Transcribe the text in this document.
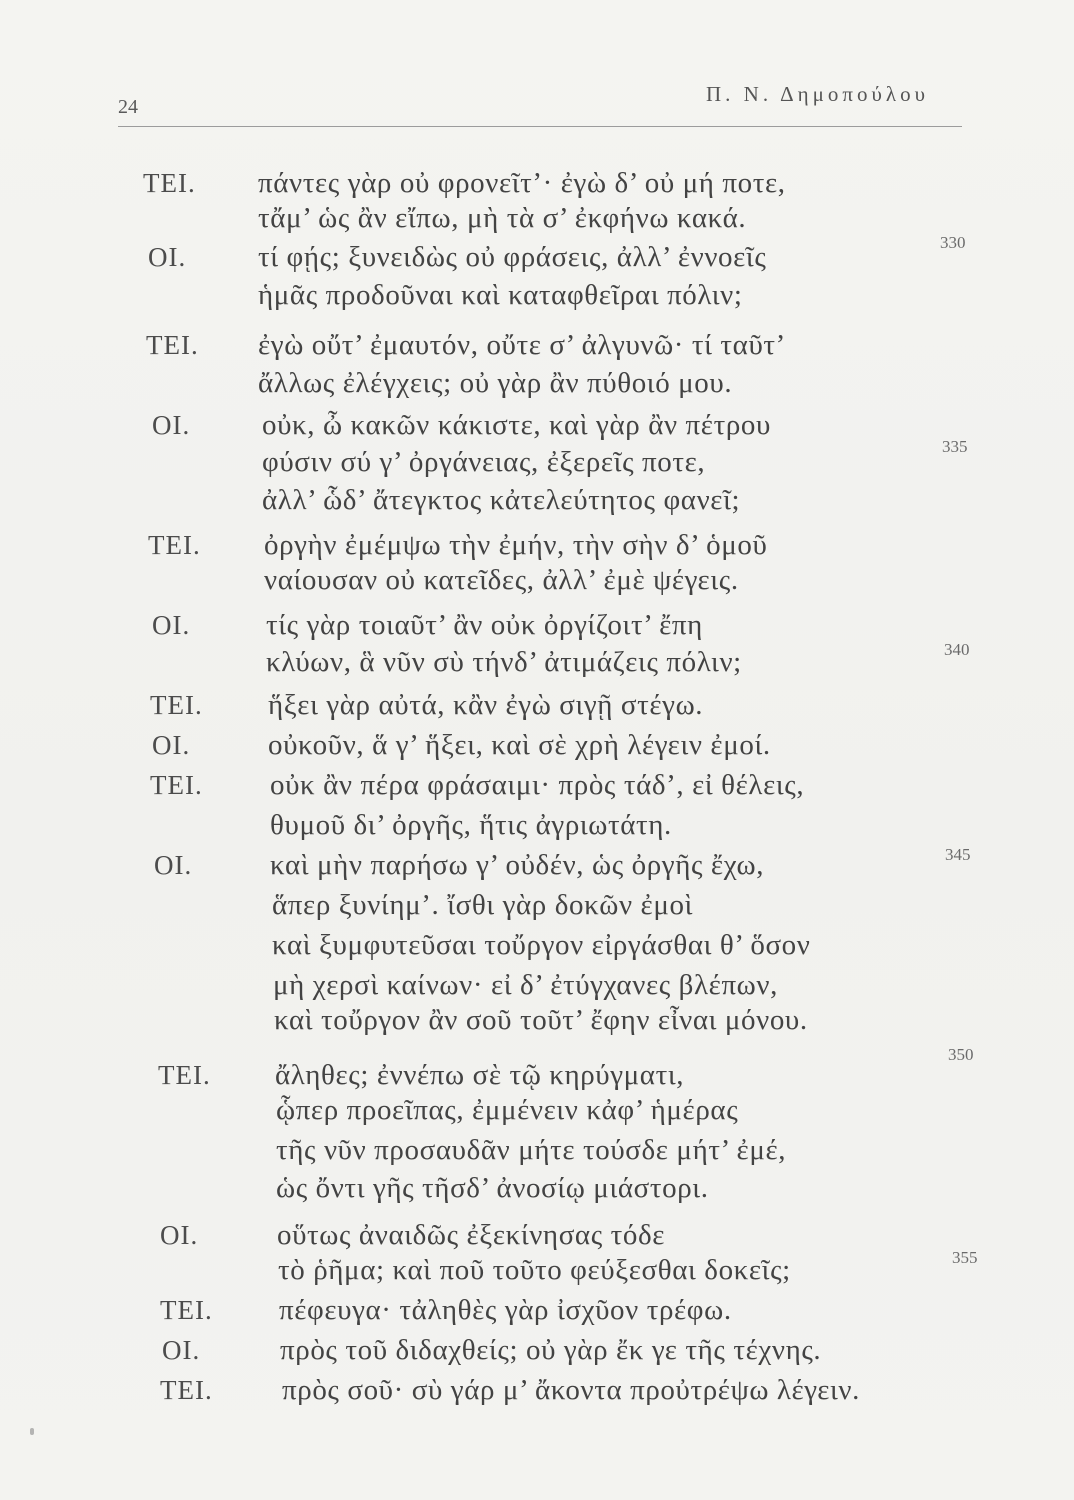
24
Π. Ν. Δημοπούλου
ΤΕΙ. πάντες γὰρ οὐ φρονεῖτ’· ἐγὼ δ’ οὐ μή ποτε,
τἄμ’ ὡς ἂν εἴπω, μὴ τὰ σ’ ἐκφήνω κακά.
ΟΙ. τί φῄς; ξυνειδὼς οὐ φράσεις, ἀλλ’ ἐννοεῖς	330
ἡμᾶς προδοῦναι καὶ καταφθεῖραι πόλιν;
ΤΕΙ. ἐγὼ οὔτ’ ἐμαυτόν, οὔτε σ’ ἀλγυνῶ· τί ταῦτ’
ἄλλως ἐλέγχεις; οὐ γὰρ ἂν πύθοιό μου.
ΟΙ. οὐκ, ὦ κακῶν κάκιστε, καὶ γὰρ ἂν πέτρου
φύσιν σύ γ’ ὀργάνειας, ἐξερεῖς ποτε,	335
ἀλλ’ ὧδ’ ἄτεγκτος κἀτελεύτητος φανεῖ;
ΤΕΙ. ὀργὴν ἐμέμψω τὴν ἐμήν, τὴν σὴν δ’ ὁμοῦ
ναίουσαν οὐ κατεῖδες, ἀλλ’ ἐμὲ ψέγεις.
ΟΙ.	τίς γὰρ τοιαῦτ’ ἂν οὐκ ὀργίζοιτ’ ἔπη
κλύων, ἃ νῦν σὺ τήνδ’ ἀτιμάζεις πόλιν;	340
ΤΕΙ. ἥξει γὰρ αὐτά, κἂν ἐγὼ σιγῇ στέγω.
ΟΙ.	οὐκοῦν, ἅ γ’ ἥξει, καὶ σὲ χρὴ λέγειν ἐμοί.
ΤΕΙ. οὐκ ἂν πέρα φράσαιμι· πρὸς τάδ’, εἰ θέλεις,
θυμοῦ δι’ ὀργῆς, ἥτις ἀγριωτάτη.
ΟΙ.	καὶ μὴν παρήσω γ’ οὐδέν, ὡς ὀργῆς ἔχω,	345
ἅπερ ξυνίημ’. ἴσθι γὰρ δοκῶν ἐμοὶ
καὶ ξυμφυτεῦσαι τοὔργον εἰργάσθαι θ’ ὅσον
μὴ χερσὶ καίνων· εἰ δ’ ἐτύγχανες βλέπων,
καὶ τοὔργον ἂν σοῦ τοῦτ’ ἔφην εἶναι μόνου.
ΤΕΙ. ἄληθες; ἐννέπω σὲ τῷ κηρύγματι,
350
ᾧπερ προεῖπας, ἐμμένειν κἀφ’ ἡμέρας
τῆς νῦν προσαυδᾶν μήτε τούσδε μήτ’ ἐμέ,
ὡς ὄντι γῆς τῆσδ’ ἀνοσίῳ μιάστορι.
ΟΙ.	οὕτως ἀναιδῶς ἐξεκίνησας τόδε
τὸ ῥῆμα; καὶ ποῦ τοῦτο φεύξεσθαι δοκεῖς;	355
ΤΕΙ. πέφευγα· τἀληθὲς γὰρ ἰσχῦον τρέφω.
ΟΙ.	πρὸς τοῦ διδαχθείς; οὐ γὰρ ἔκ γε τῆς τέχνης.
ΤΕΙ. πρὸς σοῦ· σὺ γάρ μ’ ἄκοντα προὐτρέψω λέγειν.
